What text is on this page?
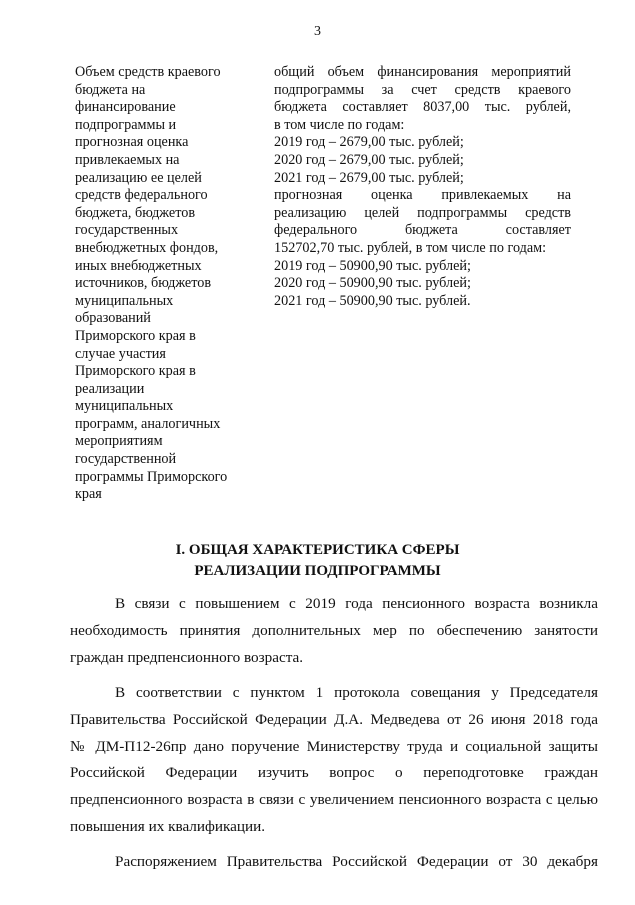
3
Объем средств краевого
бюджета на
финансирование
подпрограммы и
прогнозная оценка
привлекаемых на
реализацию ее целей
средств федерального
бюджета, бюджетов
государственных
внебюджетных фондов,
иных внебюджетных
источников, бюджетов
муниципальных
образований
Приморского края в
случае участия
Приморского края в
реализации
муниципальных
программ, аналогичных
мероприятиям
государственной
программы Приморского
края
общий объем финансирования мероприятий
подпрограммы за счет средств краевого
бюджета составляет 8037,00 тыс. рублей,
в том числе по годам:
2019 год – 2679,00 тыс. рублей;
2020 год – 2679,00 тыс. рублей;
2021 год – 2679,00 тыс. рублей;
прогнозная оценка привлекаемых на
реализацию целей подпрограммы средств
федерального бюджета составляет
152702,70 тыс. рублей, в том числе по годам:
2019 год – 50900,90 тыс. рублей;
2020 год – 50900,90 тыс. рублей;
2021 год – 50900,90 тыс. рублей.
I. ОБЩАЯ ХАРАКТЕРИСТИКА СФЕРЫ
РЕАЛИЗАЦИИ ПОДПРОГРАММЫ
В связи с повышением с 2019 года пенсионного возраста возникла
необходимость принятия дополнительных мер по обеспечению занятости
граждан предпенсионного возраста.
В соответствии с пунктом 1 протокола совещания у Председателя
Правительства Российской Федерации Д.А. Медведева от 26 июня 2018 года
№ ДМ-П12-26пр дано поручение Министерству труда и социальной защиты
Российской Федерации изучить вопрос о переподготовке граждан
предпенсионного возраста в связи с увеличением пенсионного возраста с целью
повышения их квалификации.
Распоряжением Правительства Российской Федерации от 30 декабря
